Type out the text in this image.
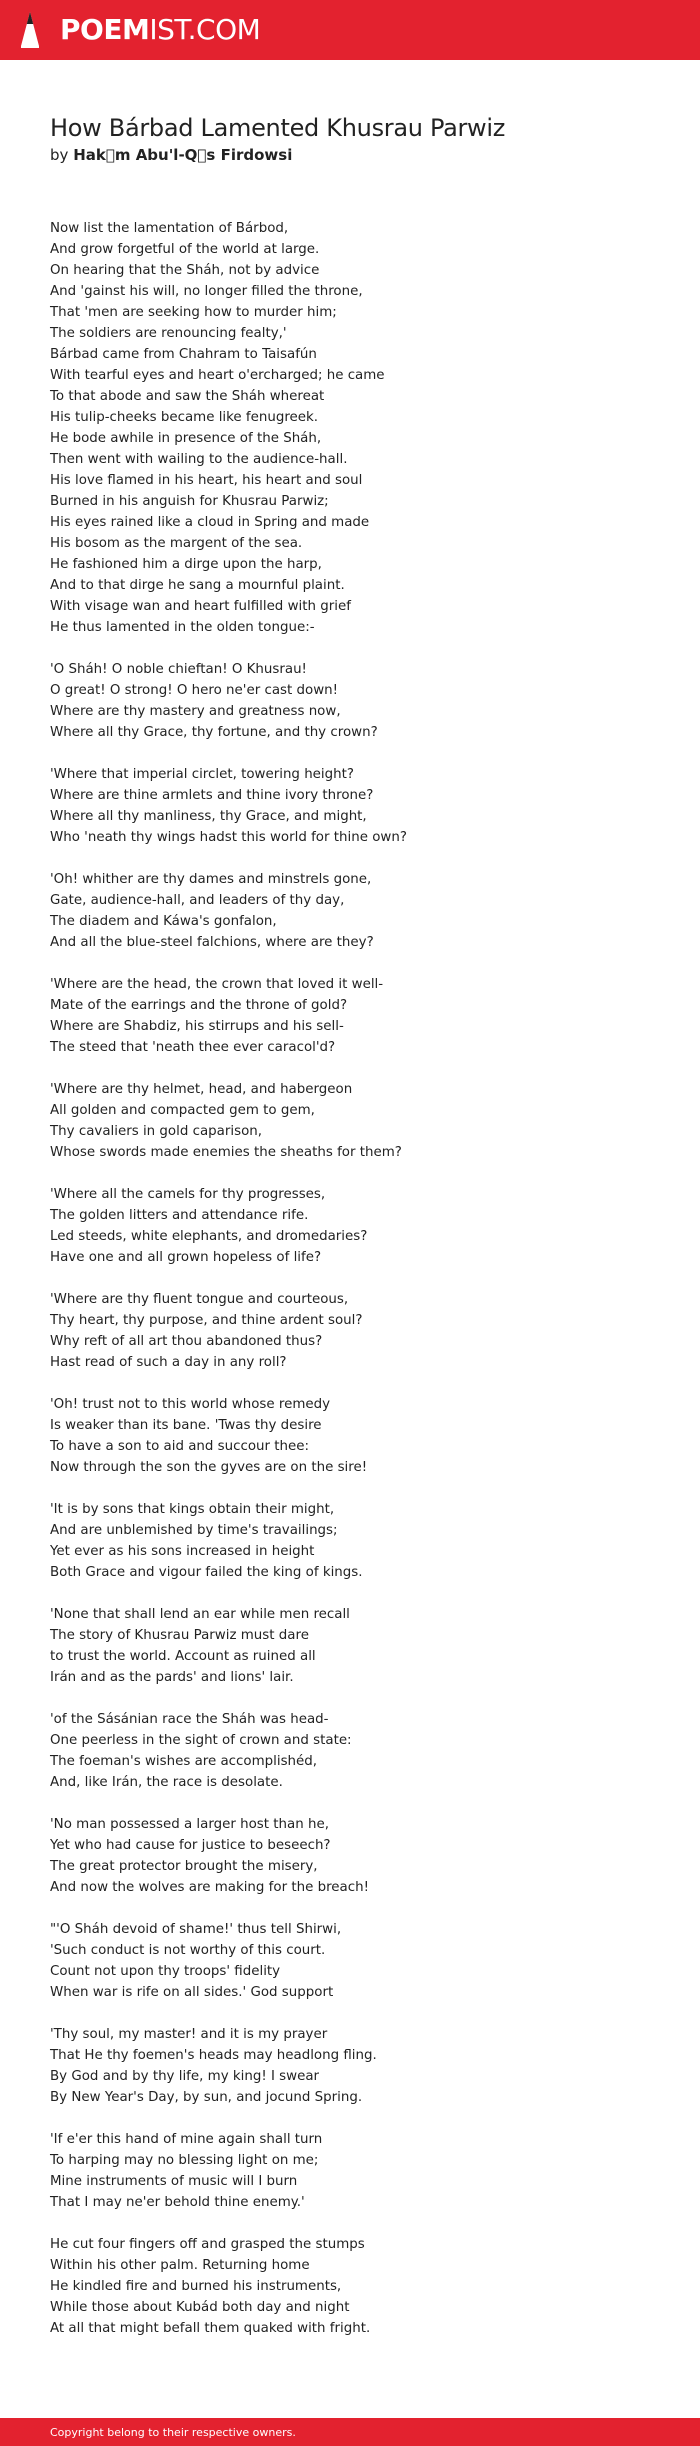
POEMIST.COM
How Bárbad Lamented Khusrau Parwiz

by Hak m Abu'l-Q s Firdowsi

Now list the lamentation of Bárbod,
And grow forgetful of the world at large.
On hearing that the Sháh, not by advice
And 'gainst his will, no longer filled the throne,
That 'men are seeking how to murder him;
The soldiers are renouncing fealty,'
Bárbad came from Chahram to Taisafún
With tearful eyes and heart o'ercharged; he came
To that abode and saw the Sháh whereat
His tulip-cheeks became like fenugreek.
He bode awhile in presence of the Sháh,
Then went with wailing to the audience-hall.
His love flamed in his heart, his heart and soul
Burned in his anguish for Khusrau Parwiz;
His eyes rained like a cloud in Spring and made
His bosom as the margent of the sea.
He fashioned him a dirge upon the harp,
And to that dirge he sang a mournful plaint.
With visage wan and heart fulfilled with grief
He thus lamented in the olden tongue:-

'O Sháh! O noble chieftan! O Khusrau!
O great! O strong! O hero ne'er cast down!
Where are thy mastery and greatness now,
Where all thy Grace, thy fortune, and thy crown?

'Where that imperial circlet, towering height?
Where are thine armlets and thine ivory throne?
Where all thy manliness, thy Grace, and might,
Who 'neath thy wings hadst this world for thine own?

'Oh! whither are thy dames and minstrels gone,
Gate, audience-hall, and leaders of thy day,
The diadem and Káwa's gonfalon,
And all the blue-steel falchions, where are they?

'Where are the head, the crown that loved it well-
Mate of the earrings and the throne of gold?
Where are Shabdiz, his stirrups and his sell-
The steed that 'neath thee ever caracol'd?

'Where are thy helmet, head, and habergeon
All golden and compacted gem to gem,
Thy cavaliers in gold caparison,
Whose swords made enemies the sheaths for them?

'Where all the camels for thy progresses,
The golden litters and attendance rife.
Led steeds, white elephants, and dromedaries?
Have one and all grown hopeless of life?

'Where are thy fluent tongue and courteous,
Thy heart, thy purpose, and thine ardent soul?
Why reft of all art thou abandoned thus?
Hast read of such a day in any roll?

'Oh! trust not to this world whose remedy
Is weaker than its bane. 'Twas thy desire
To have a son to aid and succour thee:
Now through the son the gyves are on the sire!

'It is by sons that kings obtain their might,
And are unblemished by time's travailings;
Yet ever as his sons increased in height
Both Grace and vigour failed the king of kings.

'None that shall lend an ear while men recall
The story of Khusrau Parwiz must dare
to trust the world. Account as ruined all
Irán and as the pards' and lions' lair.

'of the Sásánian race the Sháh was head-
One peerless in the sight of crown and state:
The foeman's wishes are accomplishéd,
And, like Irán, the race is desolate.

'No man possessed a larger host than he,
Yet who had cause for justice to beseech?
The great protector brought the misery,
And now the wolves are making for the breach!

"'O Sháh devoid of shame!' thus tell Shirwi,
'Such conduct is not worthy of this court.
Count not upon thy troops' fidelity
When war is rife on all sides.' God support

'Thy soul, my master! and it is my prayer
That He thy foemen's heads may headlong fling.
By God and by thy life, my king! I swear
By New Year's Day, by sun, and jocund Spring.

'If e'er this hand of mine again shall turn
To harping may no blessing light on me;
Mine instruments of music will I burn
That I may ne'er behold thine enemy.'

He cut four fingers off and grasped the stumps
Within his other palm. Returning home
He kindled fire and burned his instruments,
While those about Kubád both day and night
At all that might befall them quaked with fright.

Copyright belong to their respective owners.
